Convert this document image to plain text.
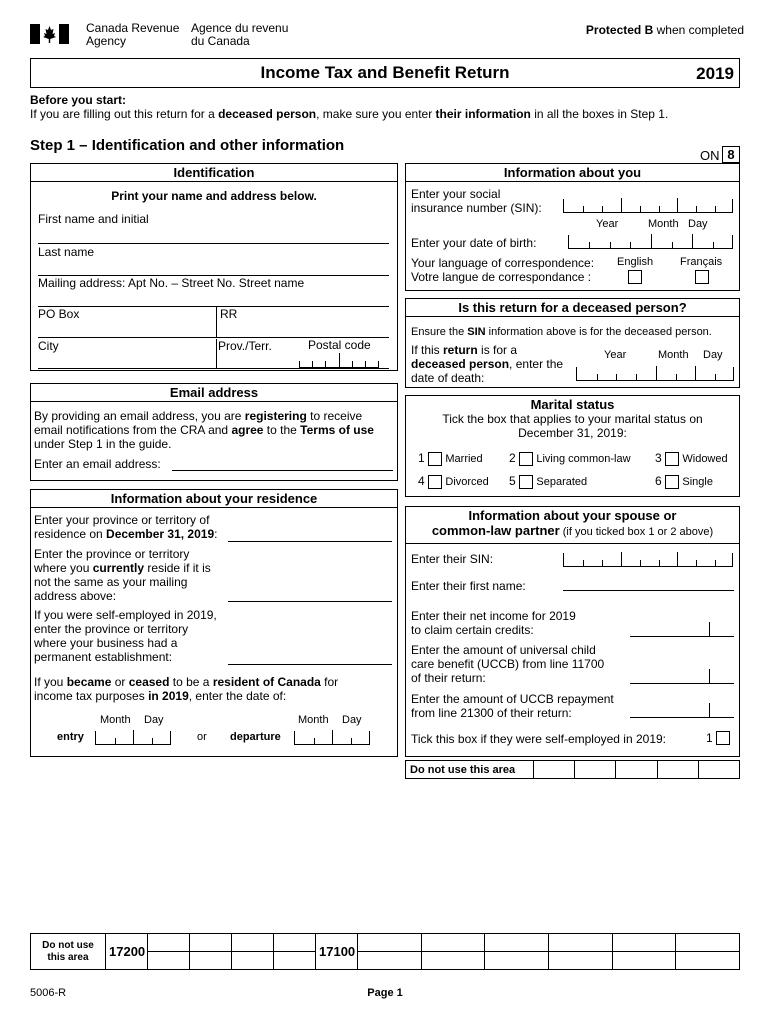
Canada Revenue
Agency
Agence du revenu
du Canada
Protected B when completed
Income Tax and Benefit Return	2019
Before you start:
If you are filling out this return for a deceased person, make sure you enter their information in all the boxes in Step 1.
Step 1 – Identification and other information
ON 8
Identification
Print your name and address below.
First name and initial
Last name
Mailing address: Apt No. – Street No. Street name
PO Box	RR
City	Prov./Terr.	Postal code
Email address
By providing an email address, you are registering to receive
email notifications from the CRA and agree to the Terms of use
under Step 1 in the guide.
Enter an email address:
Information about your residence
Enter your province or territory of
residence on December 31, 2019:
Enter the province or territory
where you currently reside if it is
not the same as your mailing
address above:
If you were self-employed in 2019,
enter the province or territory
where your business had a
permanent establishment:
If you became or ceased to be a resident of Canada for
income tax purposes in 2019, enter the date of:
Month Day	Month Day
entry	or departure
Information about you
Enter your social
insurance number (SIN):
Year	Month Day
Enter your date of birth:
Your language of correspondence:
Votre langue de correspondance :
English Français
Is this return for a deceased person?
Ensure the SIN information above is for the deceased person.
If this return is for a
deceased person, enter the
date of death:
Year	Month Day
Marital status
Tick the box that applies to your marital status on
December 31, 2019:
1 Married 2 Living common-law 3 Widowed
4 Divorced 5 Separated	6 Single
Information about your spouse or
common-law partner (if you ticked box 1 or 2 above)
Enter their SIN:
Enter their first name:
Enter their net income for 2019
to claim certain credits:
Enter the amount of universal child
care benefit (UCCB) from line 11700
of their return:
Enter the amount of UCCB repayment
from line 21300 of their return:
Tick this box if they were self-employed in 2019:	1
Do not use this area					
Do not use
this area	17200					17100						

5006-R	Page 1
